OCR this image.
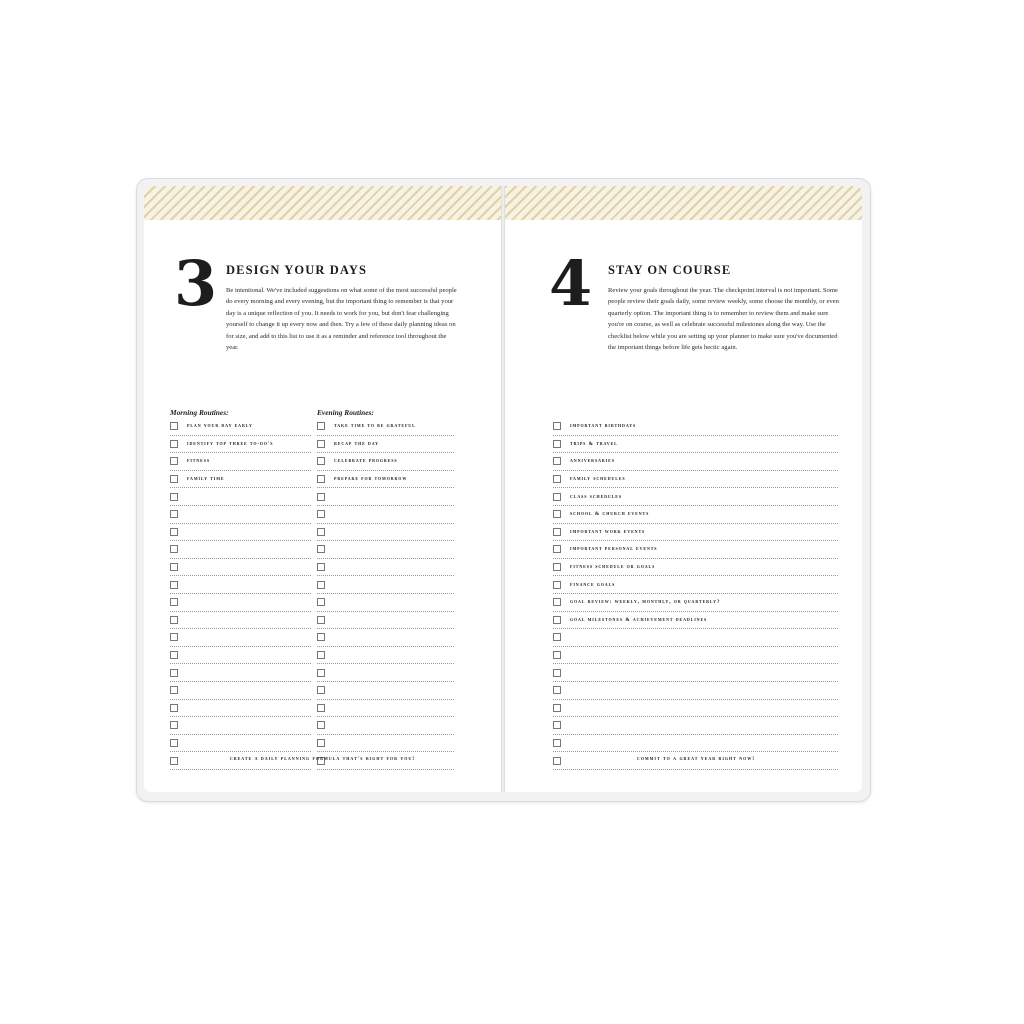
3 DESIGN YOUR DAYS
Be intentional. We've included suggestions on what some of the most successful people do every morning and every evening, but the important thing to remember is that your day is a unique reflection of you. It needs to work for you, but don't fear challenging yourself to change it up every now and then. Try a few of these daily planning ideas on for size, and add to this list to use it as a reminder and reference tool throughout the year.
Morning Routines:	Evening Routines:
plan your day early
identify top three to-do's
fitness
family time
take time to be grateful
recap the day
celebrate progress
prepare for tomorrow
create a daily planning formula that's right for you!
4 STAY ON COURSE
Review your goals throughout the year. The checkpoint interval is not important. Some people review their goals daily, some review weekly, some choose the monthly, or even quarterly option. The important thing is to remember to review them and make sure you're on course, as well as celebrate successful milestones along the way. Use the checklist below while you are setting up your planner to make sure you've documented the important things before life gets hectic again.
important birthdays
trips & travel
anniversaries
family schedules
class schedules
school & church events
important work events
important personal events
fitness schedule or goals
finance goals
goal review: weekly, monthly, or quarterly?
goal milestones & achievement deadlines
commit to a great year right now!
